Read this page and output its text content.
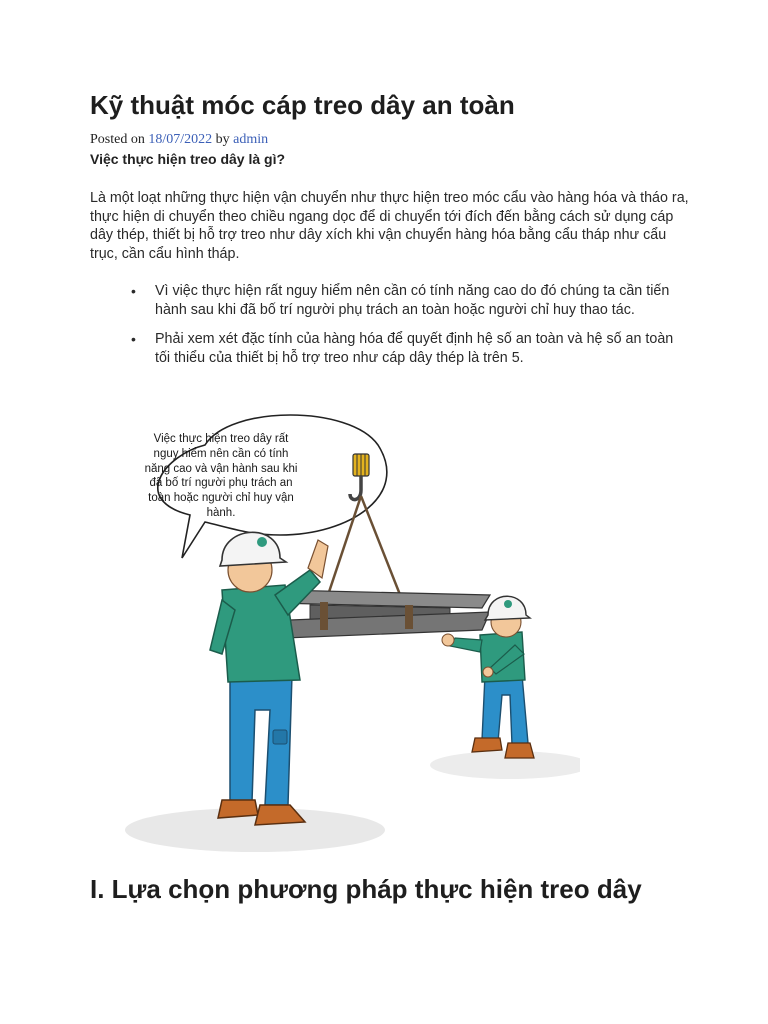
Kỹ thuật móc cáp treo dây an toàn
Posted on 18/07/2022 by admin
Việc thực hiện treo dây là gì?

Là một loạt những thực hiện vận chuyển như thực hiện treo móc cẩu vào hàng hóa và tháo ra, thực hiện di chuyển theo chiều ngang dọc để di chuyển tới đích đến bằng cách sử dụng cáp dây thép, thiết bị hỗ trợ treo như dây xích khi vận chuyển hàng hóa bằng cẩu tháp như cẩu trục, cần cẩu hình tháp.

• Vì việc thực hiện rất nguy hiểm nên cần có tính năng cao do đó chúng ta cần tiến hành sau khi đã bố trí người phụ trách an toàn hoặc người chỉ huy thao tác.
• Phải xem xét đặc tính của hàng hóa để quyết định hệ số an toàn và hệ số an toàn tối thiểu của thiết bị hỗ trợ treo như cáp dây thép là trên 5.
Việc thực hiện treo dây rất nguy hiểm nên cần có tính năng cao và vận hành sau khi đã bố trí người phụ trách an toàn hoặc người chỉ huy vận hành.
I. Lựa chọn phương pháp thực hiện treo dây
